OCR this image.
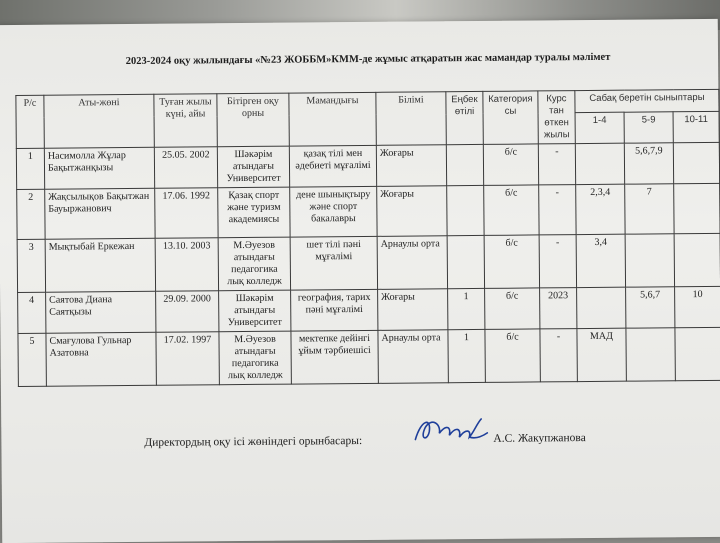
2023-2024 оқу жылындағы «№23 ЖОББМ»КММ-де жұмыс атқаратын жас мамандар туралы мәлімет
Р/с	Аты-жөні	Туған жылы күні, айы	Бітірген оқу орны	Мамандығы	Білімі	Еңбек өтілі	Категория сы	Курс тан өткен жылы	Сабақ беретін сыныптары		
									1-4	5-9	10-11
1	Насимолла Жұлар Бақытжанқызы	25.05. 2002	Шәкәрім атындағы Университет	қазақ тілі мен әдебиеті мұғалімі	Жоғары		б/с	-		5,6,7,9	
2	Жақсылықов Бақытжан Бауыржанович	17.06. 1992	Қазақ спорт және туризм академиясы	дене шынықтыру және спорт бакалавры	Жоғары		б/с	-	2,3,4	7	
3	Мықтыбай Еркежан	13.10. 2003	М.Әуезов атындағы педагогика лық колледж	шет тілі пәні мұғалімі	Арнаулы орта		б/с	-	3,4		
4	Саятова Диана Саятқызы	29.09. 2000	Шәкәрім атындағы Университет	география, тарих пәні мұғалімі	Жоғары	1	б/с	2023		5,6,7	10
5	Смағулова Гульнар Азатовна	17.02. 1997	М.Әуезов атындағы педагогика лық колледж	мектепке дейінгі ұйым тәрбиешісі	Арнаулы орта	1	б/с	-	МАД		
Директордың оқу ісі жөніндегі орынбасары:	А.С. Жакупжанова
